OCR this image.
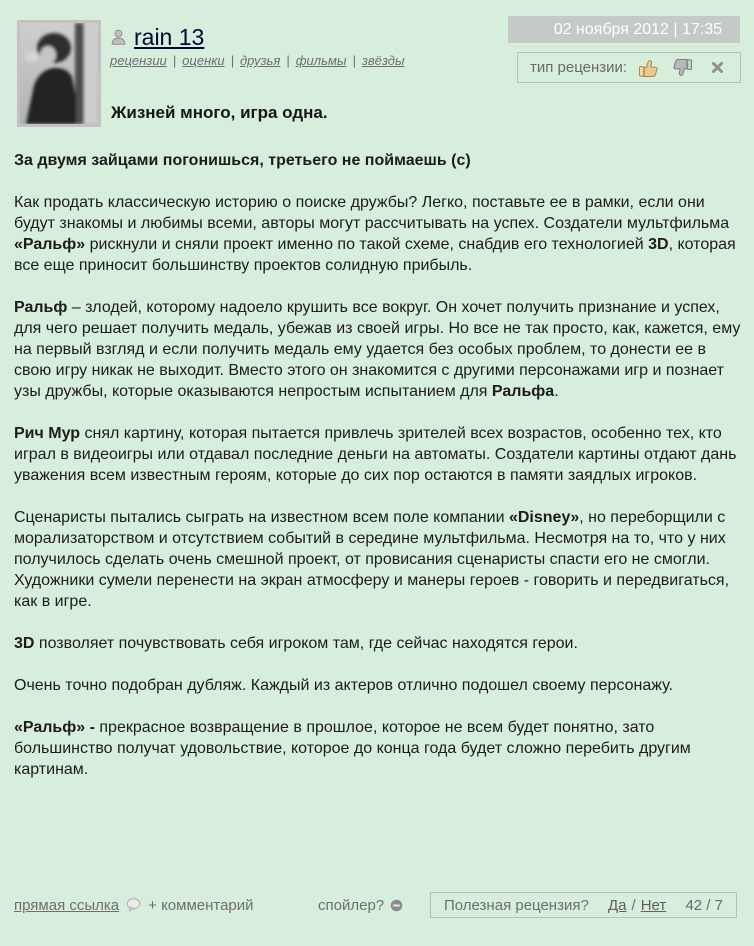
rain 13
рецензии | оценки | друзья | фильмы | звёзды
02 ноября 2012 | 17:35
тип рецензии:
Жизней много, игра одна.

За двумя зайцами погонишься, третьего не поймаешь (с)

Как продать классическую историю о поиске дружбы? Легко, поставьте ее в рамки, если они будут знакомы и любимы всеми, авторы могут рассчитывать на успех. Создатели мультфильма «Ральф» рискнули и сняли проект именно по такой схеме, снабдив его технологией 3D, которая все еще приносит большинству проектов солидную прибыль.

Ральф – злодей, которому надоело крушить все вокруг. Он хочет получить признание и успех, для чего решает получить медаль, убежав из своей игры. Но все не так просто, как, кажется, ему на первый взгляд и если получить медаль ему удается без особых проблем, то донести ее в свою игру никак не выходит. Вместо этого он знакомится с другими персонажами игр и познает узы дружбы, которые оказываются непростым испытанием для Ральфа.

Рич Мур снял картину, которая пытается привлечь зрителей всех возрастов, особенно тех, кто играл в видеоигры или отдавал последние деньги на автоматы. Создатели картины отдают дань уважения всем известным героям, которые до сих пор остаются в памяти заядлых игроков.

Сценаристы пытались сыграть на известном всем поле компании «Disney», но переборщили с морализаторством и отсутствием событий в середине мультфильма. Несмотря на то, что у них получилось сделать очень смешной проект, от провисания сценаристы спасти его не смогли. Художники сумели перенести на экран атмосферу и манеры героев - говорить и передвигаться, как в игре.

3D позволяет почувствовать себя игроком там, где сейчас находятся герои.

Очень точно подобран дубляж. Каждый из актеров отлично подошел своему персонажу.

«Ральф» - прекрасное возвращение в прошлое, которое не всем будет понятно, зато большинство получат удовольствие, которое до конца года будет сложно перебить другим картинам.

прямая ссылка + комментарий	спойлер?	Полезная рецензия? Да / Нет 42 / 7
